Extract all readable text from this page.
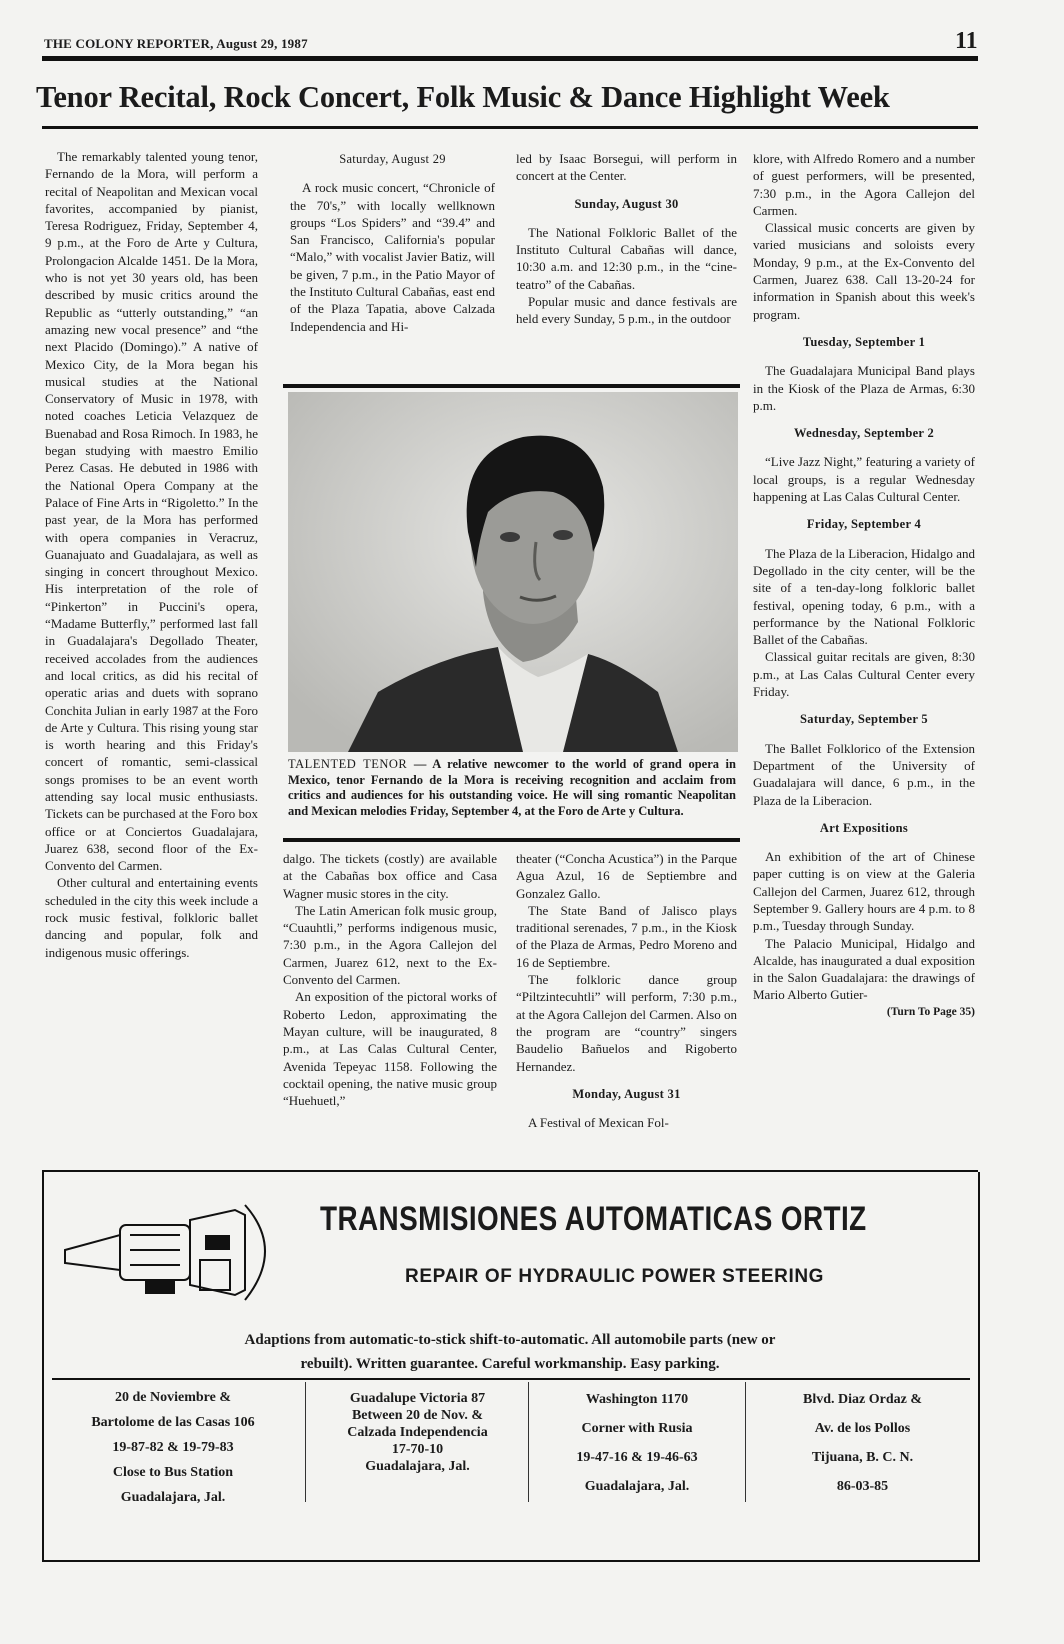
THE COLONY REPORTER, August 29, 1987	11
Tenor Recital, Rock Concert, Folk Music & Dance Highlight Week

The remarkably talented young tenor, Fernando de la Mora, will perform a recital of Neapolitan and Mexican vocal favorites, accompanied by pianist, Teresa Rodriguez, Friday, September 4, 9 p.m., at the Foro de Arte y Cultura, Prolongacion Alcalde 1451. De la Mora, who is not yet 30 years old, has been described by music critics around the Republic as “utterly outstanding,” “an amazing new vocal presence” and “the next Placido (Domingo).” A native of Mexico City, de la Mora began his musical studies at the National Conservatory of Music in 1978, with noted coaches Leticia Velazquez de Buenabad and Rosa Rimoch. In 1983, he began studying with maestro Emilio Perez Casas. He debuted in 1986 with the National Opera Company at the Palace of Fine Arts in “Rigoletto.” In the past year, de la Mora has performed with opera companies in Veracruz, Guanajuato and Guadalajara, as well as singing in concert throughout Mexico. His interpretation of the role of “Pinkerton” in Puccini's opera, “Madame Butterfly,” performed last fall in Guadalajara's Degollado Theater, received accolades from the audiences and local critics, as did his recital of operatic arias and duets with soprano Conchita Julian in early 1987 at the Foro de Arte y Cultura. This rising young star is worth hearing and this Friday's concert of romantic, semi-classical songs promises to be an event worth attending say local music enthusiasts. Tickets can be purchased at the Foro box office or at Conciertos Guadalajara, Juarez 638, second floor of the Ex-Convento del Carmen.

Other cultural and entertaining events scheduled in the city this week include a rock music festival, folkloric ballet dancing and popular, folk and indigenous music offerings.

Saturday, August 29

A rock music concert, “Chronicle of the 70's,” with locally wellknown groups “Los Spiders” and “39.4” and San Francisco, California's popular “Malo,” with vocalist Javier Batiz, will be given, 7 p.m., in the Patio Mayor of the Instituto Cultural Cabañas, east end of the Plaza Tapatia, above Calzada Independencia and Hi-

led by Isaac Borsegui, will perform in concert at the Center.

Sunday, August 30

The National Folkloric Ballet of the Instituto Cultural Cabañas will dance, 10:30 a.m. and 12:30 p.m., in the “cine-teatro” of the Cabañas.

Popular music and dance festivals are held every Sunday, 5 p.m., in the outdoor

klore, with Alfredo Romero and a number of guest performers, will be presented, 7:30 p.m., in the Agora Callejon del Carmen.

Classical music concerts are given by varied musicians and soloists every Monday, 9 p.m., at the Ex-Convento del Carmen, Juarez 638. Call 13-20-24 for information in Spanish about this week's program.

Tuesday, September 1

The Guadalajara Municipal Band plays in the Kiosk of the Plaza de Armas, 6:30 p.m.

Wednesday, September 2

“Live Jazz Night,” featuring a variety of local groups, is a regular Wednesday happening at Las Calas Cultural Center.

Friday, September 4

The Plaza de la Liberacion, Hidalgo and Degollado in the city center, will be the site of a ten-day-long folkloric ballet festival, opening today, 6 p.m., with a performance by the National Folkloric Ballet of the Cabañas.

Classical guitar recitals are given, 8:30 p.m., at Las Calas Cultural Center every Friday.

Saturday, September 5

The Ballet Folklorico of the Extension Department of the University of Guadalajara will dance, 6 p.m., in the Plaza de la Liberacion.

Art Expositions

An exhibition of the art of Chinese paper cutting is on view at the Galeria Callejon del Carmen, Juarez 612, through September 9. Gallery hours are 4 p.m. to 8 p.m., Tuesday through Sunday.

The Palacio Municipal, Hidalgo and Alcalde, has inaugurated a dual exposition in the Salon Guadalajara: the drawings of Mario Alberto Gutier-

(Turn To Page 35)

TALENTED TENOR — A relative newcomer to the world of grand opera in Mexico, tenor Fernando de la Mora is receiving recognition and acclaim from critics and audiences for his outstanding voice. He will sing romantic Neapolitan and Mexican melodies Friday, September 4, at the Foro de Arte y Cultura.

dalgo. The tickets (costly) are available at the Cabañas box office and Casa Wagner music stores in the city.

The Latin American folk music group, “Cuauhtli,” performs indigenous music, 7:30 p.m., in the Agora Callejon del Carmen, Juarez 612, next to the Ex-Convento del Carmen.

An exposition of the pictoral works of Roberto Ledon, approximating the Mayan culture, will be inaugurated, 8 p.m., at Las Calas Cultural Center, Avenida Tepeyac 1158. Following the cocktail opening, the native music group “Huehuetl,”

theater (“Concha Acustica”) in the Parque Agua Azul, 16 de Septiembre and Gonzalez Gallo.

The State Band of Jalisco plays traditional serenades, 7 p.m., in the Kiosk of the Plaza de Armas, Pedro Moreno and 16 de Septiembre.

The folkloric dance group “Piltzintecuhtli” will perform, 7:30 p.m., at the Agora Callejon del Carmen. Also on the program are “country” singers Baudelio Bañuelos and Rigoberto Hernandez.

Monday, August 31

A Festival of Mexican Fol-

TRANSMISIONES AUTOMATICAS ORTIZ
REPAIR OF HYDRAULIC POWER STEERING
Adaptions from automatic-to-stick shift-to-automatic. All automobile parts (new or
rebuilt). Written guarantee. Careful workmanship. Easy parking.
20 de Noviembre &
Bartolome de las Casas 106
19-87-82 & 19-79-83
Close to Bus Station
Guadalajara, Jal.
Guadalupe Victoria 87
Between 20 de Nov. &
Calzada Independencia
17-70-10
Guadalajara, Jal.
Washington 1170
Corner with Rusia
19-47-16 & 19-46-63
Guadalajara, Jal.
Blvd. Diaz Ordaz &
Av. de los Pollos
Tijuana, B. C. N.
86-03-85
